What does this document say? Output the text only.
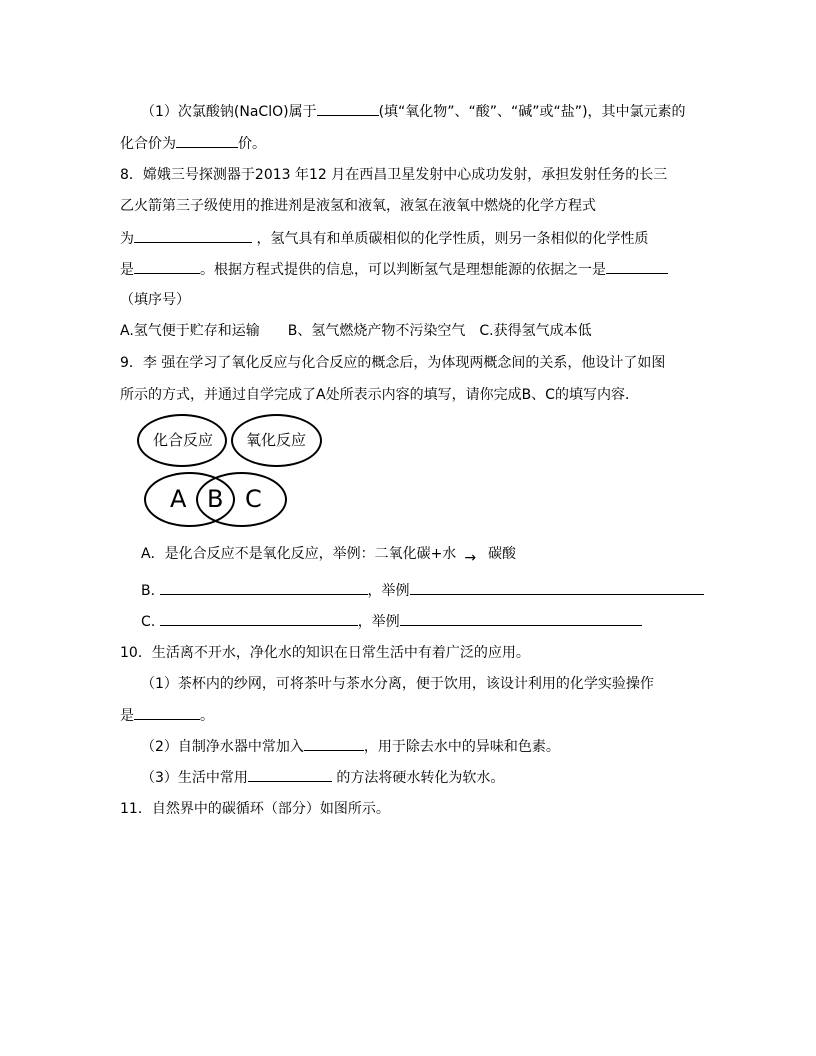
（1）次氯酸钠(NaClO)属于	(填“氧化物”、“酸”、“碱”或“盐”)，其中氯元素的
化合价为	价。
8．嫦娥三号探测器于2013 年12 月在西昌卫星发射中心成功发射，承担发射任务的长三
乙火箭第三子级使用的推进剂是液氢和液氧，液氢在液氧中燃烧的化学方程式
为	，氢气具有和单质碳相似的化学性质，则另一条相似的化学性质
是	。根据方程式提供的信息，可以判断氢气是理想能源的依据之一是
（填序号）
A.氢气便于贮存和运输　　B、氢气燃烧产物不污染空气　C.获得氢气成本低
9．李 强在学习了氧化反应与化合反应的概念后，为体现两概念间的关系，他设计了如图
所示的方式，并通过自学完成了A处所表示内容的填写，请你完成B、C的填写内容．
化合反应 氧化反应
A B C
A．是化合反应不是氧化反应，举例：二氧化碳+水 → 碳酸
B.	，举例
C.	，举例
10．生活离不开水，净化水的知识在日常生活中有着广泛的应用。
（1）茶杯内的纱网，可将茶叶与茶水分离，便于饮用，该设计利用的化学实验操作
是	。
（2）自制净水器中常加入	，用于除去水中的异味和色素。
（3）生活中常用	的方法将硬水转化为软水。
11．自然界中的碳循环（部分）如图所示。
